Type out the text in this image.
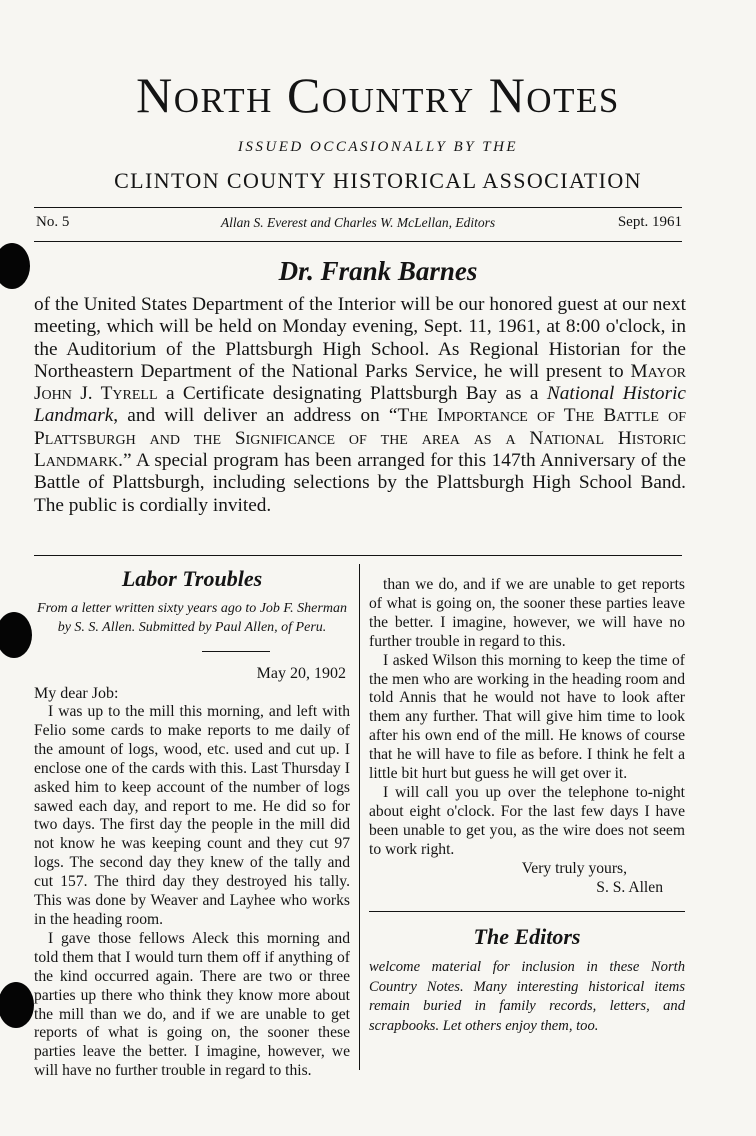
North Country Notes
ISSUED OCCASIONALLY BY THE
CLINTON COUNTY HISTORICAL ASSOCIATION
No. 5	Allan S. Everest and Charles W. McLellan, Editors	Sept. 1961
Dr. Frank Barnes

of the United States Department of the Interior will be our honored guest at our next meeting, which will be held on Monday evening, Sept. 11, 1961, at 8:00 o'clock, in the Auditorium of the Plattsburgh High School. As Regional Historian for the Northeastern Department of the National Parks Service, he will present to Mayor John J. Tyrell a Certificate designating Plattsburgh Bay as a National Historic Landmark, and will deliver an address on “The Importance of The Battle of Plattsburgh and the Significance of the area as a National Historic Landmark.” A special program has been arranged for this 147th Anniversary of the Battle of Plattsburgh, including selections by the Plattsburgh High School Band. The public is cordially invited.

Labor Troubles
From a letter written sixty years ago to Job F. Sherman by S. S. Allen. Submitted by Paul Allen, of Peru.
May 20, 1902
My dear Job:

I was up to the mill this morning, and left with Felio some cards to make reports to me daily of the amount of logs, wood, etc. used and cut up. I enclose one of the cards with this. Last Thursday I asked him to keep account of the number of logs sawed each day, and report to me. He did so for two days. The first day the people in the mill did not know he was keeping count and they cut 97 logs. The second day they knew of the tally and cut 157. The third day they destroyed his tally. This was done by Weaver and Layhee who works in the heading room.

I gave those fellows Aleck this morning and told them that I would turn them off if anything of the kind occurred again. There are two or three parties up there who think they know more about the mill than we do, and if we are unable to get reports of what is going on, the sooner these parties leave the better. I imagine, however, we will have no further trouble in regard to this.

than we do, and if we are unable to get reports of what is going on, the sooner these parties leave the better. I imagine, however, we will have no further trouble in regard to this.

I asked Wilson this morning to keep the time of the men who are working in the heading room and told Annis that he would not have to look after them any further. That will give him time to look after his own end of the mill. He knows of course that he will have to file as before. I think he felt a little bit hurt but guess he will get over it.

I will call you up over the telephone to-night about eight o'clock. For the last few days I have been unable to get you, as the wire does not seem to work right.

Very truly yours,
S. S. Allen
The Editors
welcome material for inclusion in these North Country Notes. Many interesting historical items remain buried in family records, letters, and scrapbooks. Let others enjoy them, too.
